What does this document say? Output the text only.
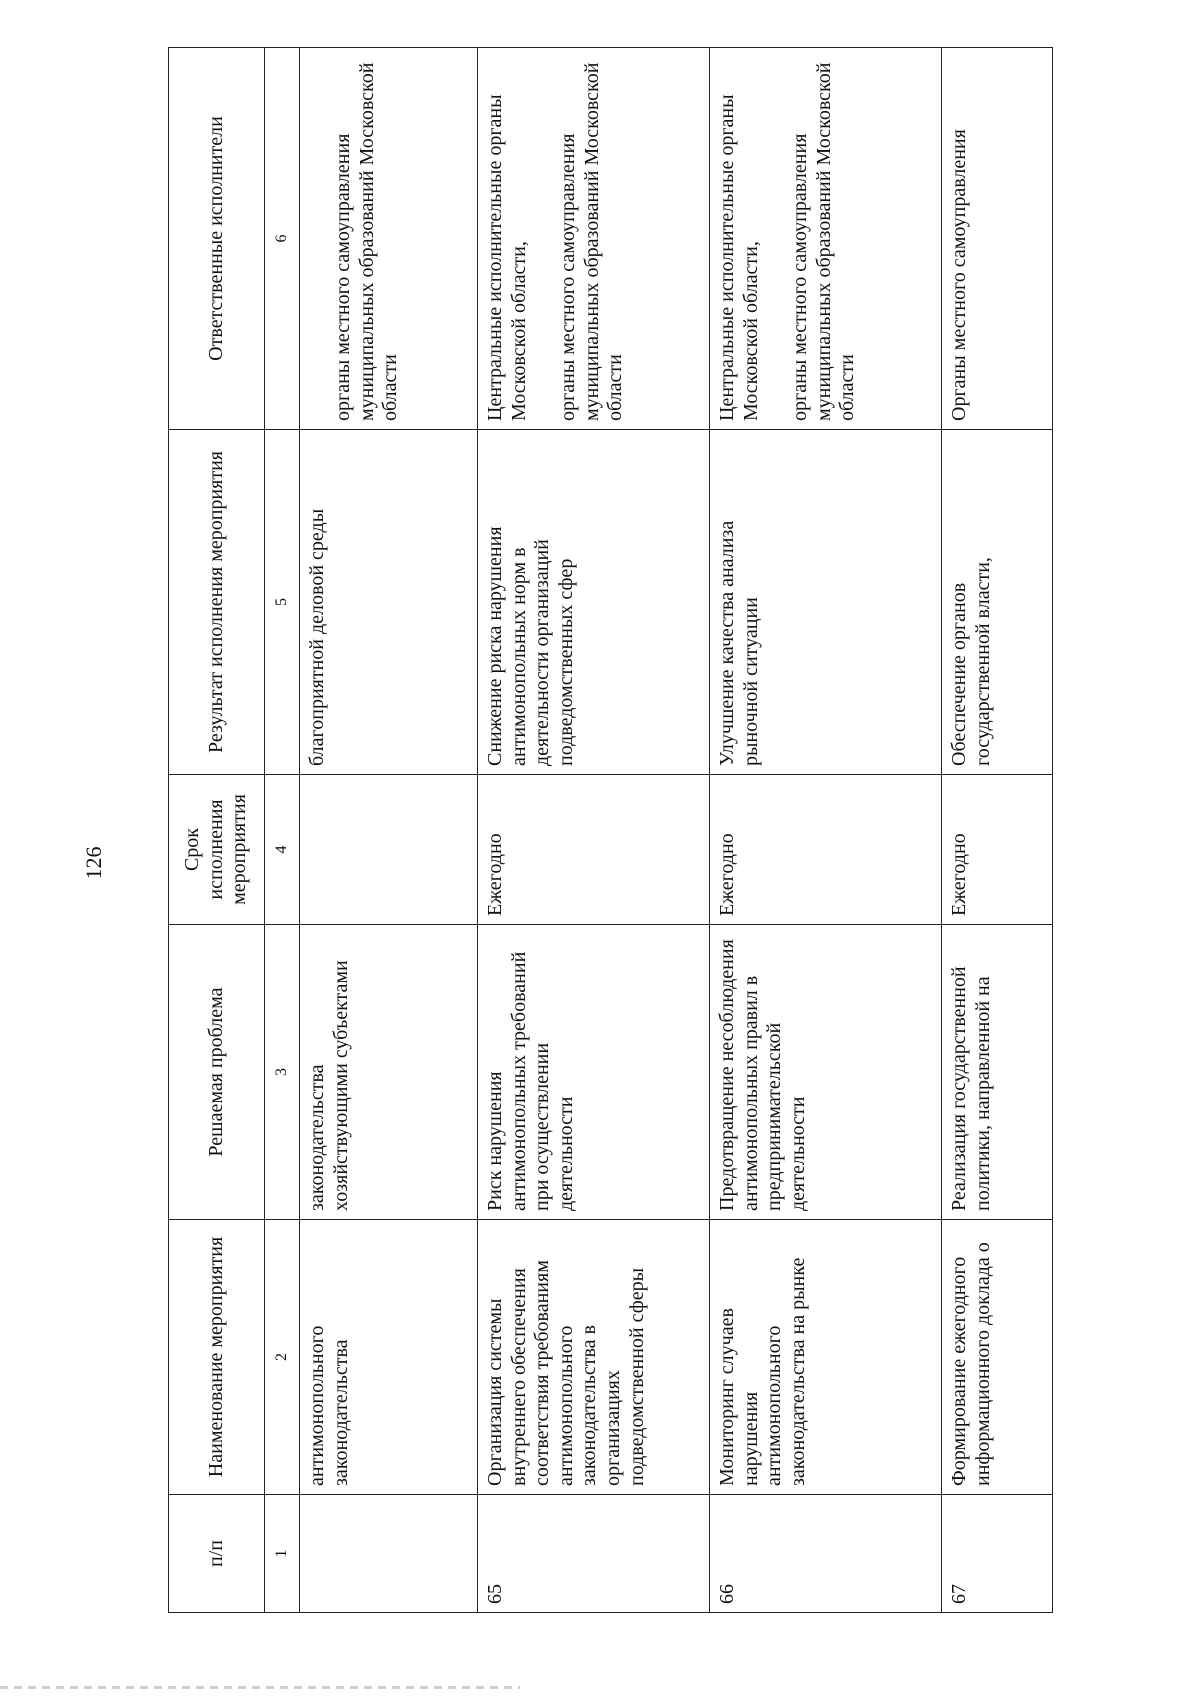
126
п/п	Наименование мероприятия	Решаемая проблема	Срок исполнения мероприятия	Результат исполнения мероприятия	Ответственные исполнители
1	2	3	4	5	6
	антимонопольного законодательства	законодательства хозяйствующими субъектами		благоприятной деловой среды	органы местного самоуправления муниципальных образований Московской области
65	Организация системы внутреннего обеспечения соответствия требованиям антимонопольного законодательства в организациях подведомственной сферы	Риск нарушения антимонопольных требований при осуществлении деятельности	Ежегодно	Снижение риска нарушения антимонопольных норм в деятельности организаций подведомственных сфер	Центральные исполнительные органы Московской области, органы местного самоуправления муниципальных образований Московской области
66	Мониторинг случаев нарушения антимонопольного законодательства на рынке	Предотвращение несоблюдения антимонопольных правил в предпринимательской деятельности	Ежегодно	Улучшение качества анализа рыночной ситуации	Центральные исполнительные органы Московской области, органы местного самоуправления муниципальных образований Московской области
67	Формирование ежегодного информационного доклада о	Реализация государственной политики, направленной на	Ежегодно	Обеспечение органов государственной власти,	Органы местного самоуправления
